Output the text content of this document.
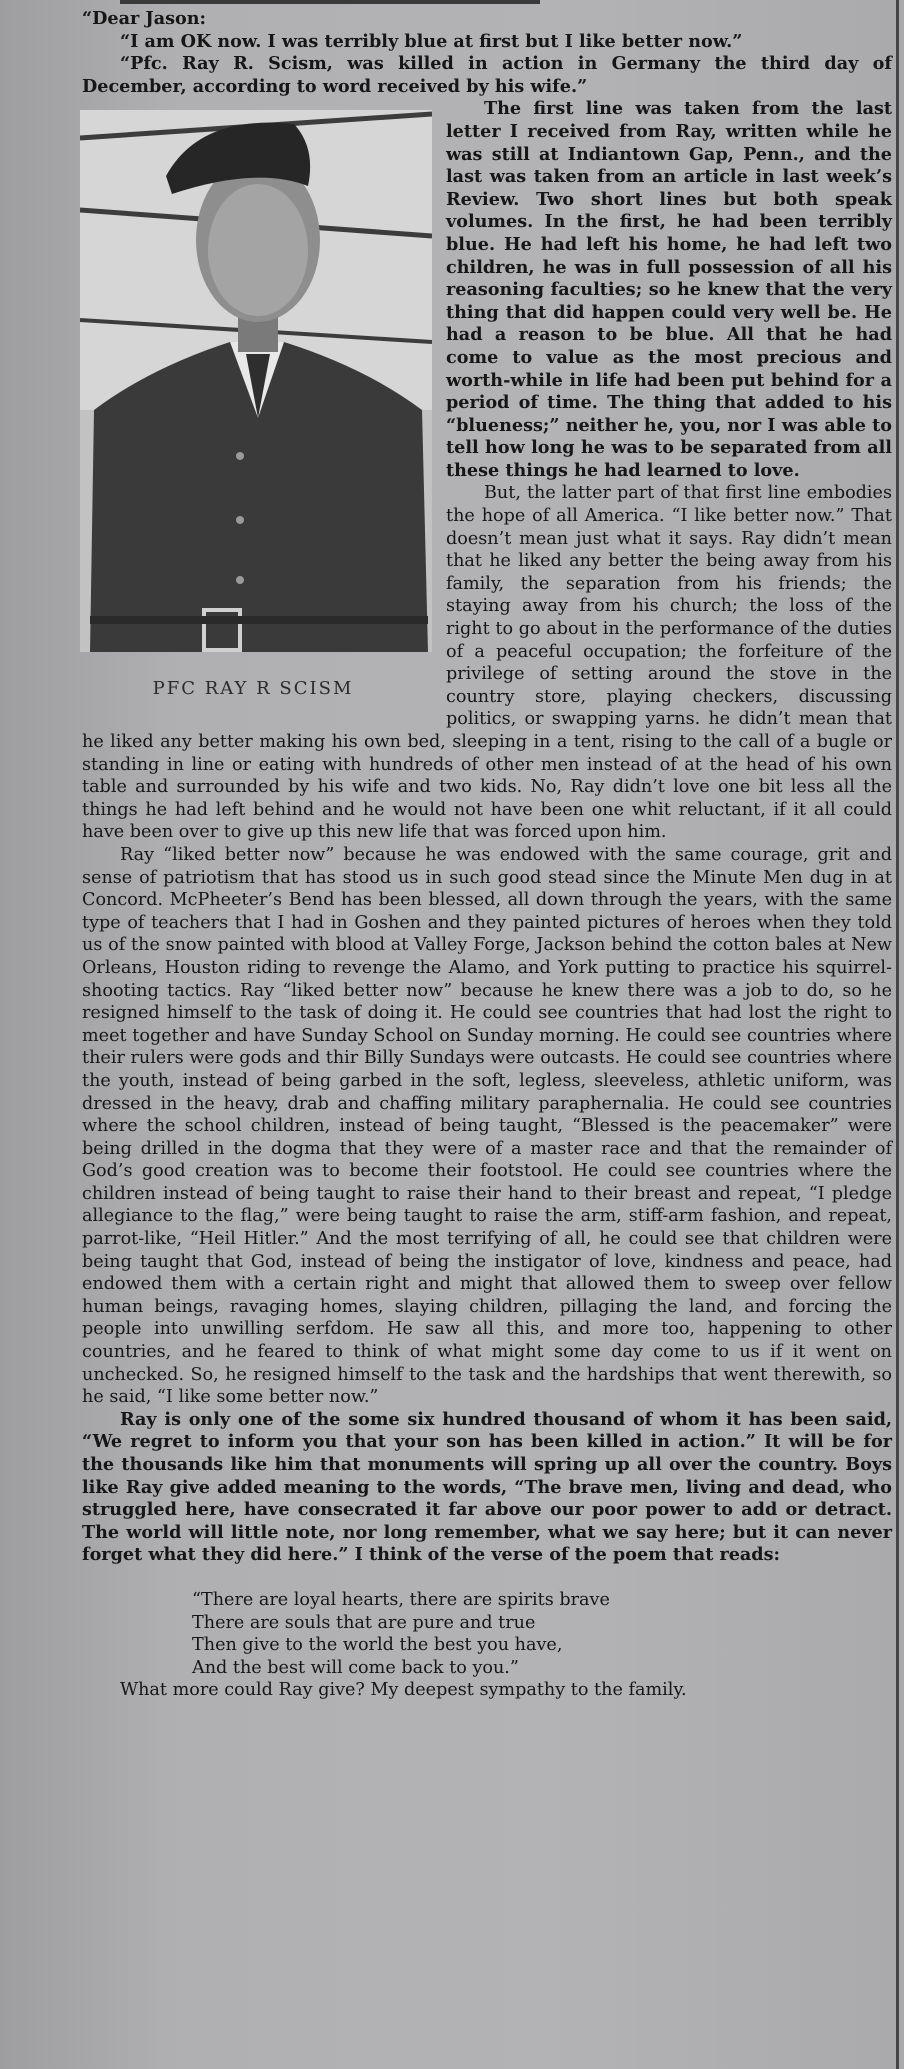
“Dear Jason:

“I am OK now. I was terribly blue at first but I like better now.”

“Pfc. Ray R. Scism, was killed in action in Germany the third day of December, according to word received by his wife.”

PFC RAY R SCISM

The first line was taken from the last letter I received from Ray, written while he was still at Indiantown Gap, Penn., and the last was taken from an article in last week’s Review. Two short lines but both speak volumes. In the first, he had been terribly blue. He had left his home, he had left two children, he was in full possession of all his reasoning faculties; so he knew that the very thing that did happen could very well be. He had a reason to be blue. All that he had come to value as the most precious and worth-while in life had been put behind for a period of time. The thing that added to his “blueness;” neither he, you, nor I was able to tell how long he was to be separated from all these things he had learned to love.

But, the latter part of that first line embodies the hope of all America. “I like better now.” That doesn’t mean just what it says. Ray didn’t mean that he liked any better the being away from his family, the separation from his friends; the staying away from his church; the loss of the right to go about in the performance of the duties of a peaceful occupation; the forfeiture of the privilege of setting around the stove in the country store, playing checkers, discussing politics, or swapping yarns. he didn’t mean that he liked any better making his own bed, sleeping in a tent, rising to the call of a bugle or standing in line or eating with hundreds of other men instead of at the head of his own table and surrounded by his wife and two kids. No, Ray didn’t love one bit less all the things he had left behind and he would not have been one whit reluctant, if it all could have been over to give up this new life that was forced upon him.

Ray “liked better now” because he was endowed with the same courage, grit and sense of patriotism that has stood us in such good stead since the Minute Men dug in at Concord. McPheeter’s Bend has been blessed, all down through the years, with the same type of teachers that I had in Goshen and they painted pictures of heroes when they told us of the snow painted with blood at Valley Forge, Jackson behind the cotton bales at New Orleans, Houston riding to revenge the Alamo, and York putting to practice his squirrel-shooting tactics. Ray “liked better now” because he knew there was a job to do, so he resigned himself to the task of doing it. He could see countries that had lost the right to meet together and have Sunday School on Sunday morning. He could see countries where their rulers were gods and thir Billy Sundays were outcasts. He could see countries where the youth, instead of being garbed in the soft, legless, sleeveless, athletic uniform, was dressed in the heavy, drab and chaffing military paraphernalia. He could see countries where the school children, instead of being taught, “Blessed is the peacemaker” were being drilled in the dogma that they were of a master race and that the remainder of God’s good creation was to become their footstool. He could see countries where the children instead of being taught to raise their hand to their breast and repeat, “I pledge allegiance to the flag,” were being taught to raise the arm, stiff-arm fashion, and repeat, parrot-like, “Heil Hitler.” And the most terrifying of all, he could see that children were being taught that God, instead of being the instigator of love, kindness and peace, had endowed them with a certain right and might that allowed them to sweep over fellow human beings, ravaging homes, slaying children, pillaging the land, and forcing the people into unwilling serfdom. He saw all this, and more too, happening to other countries, and he feared to think of what might some day come to us if it went on unchecked. So, he resigned himself to the task and the hardships that went therewith, so he said, “I like some better now.”

Ray is only one of the some six hundred thousand of whom it has been said, “We regret to inform you that your son has been killed in action.” It will be for the thousands like him that monuments will spring up all over the country. Boys like Ray give added meaning to the words, “The brave men, living and dead, who struggled here, have consecrated it far above our poor power to add or detract. The world will little note, nor long remember, what we say here; but it can never forget what they did here.” I think of the verse of the poem that reads:

“There are loyal hearts, there are spirits brave
There are souls that are pure and true
Then give to the world the best you have,
And the best will come back to you.”

What more could Ray give? My deepest sympathy to the family.
